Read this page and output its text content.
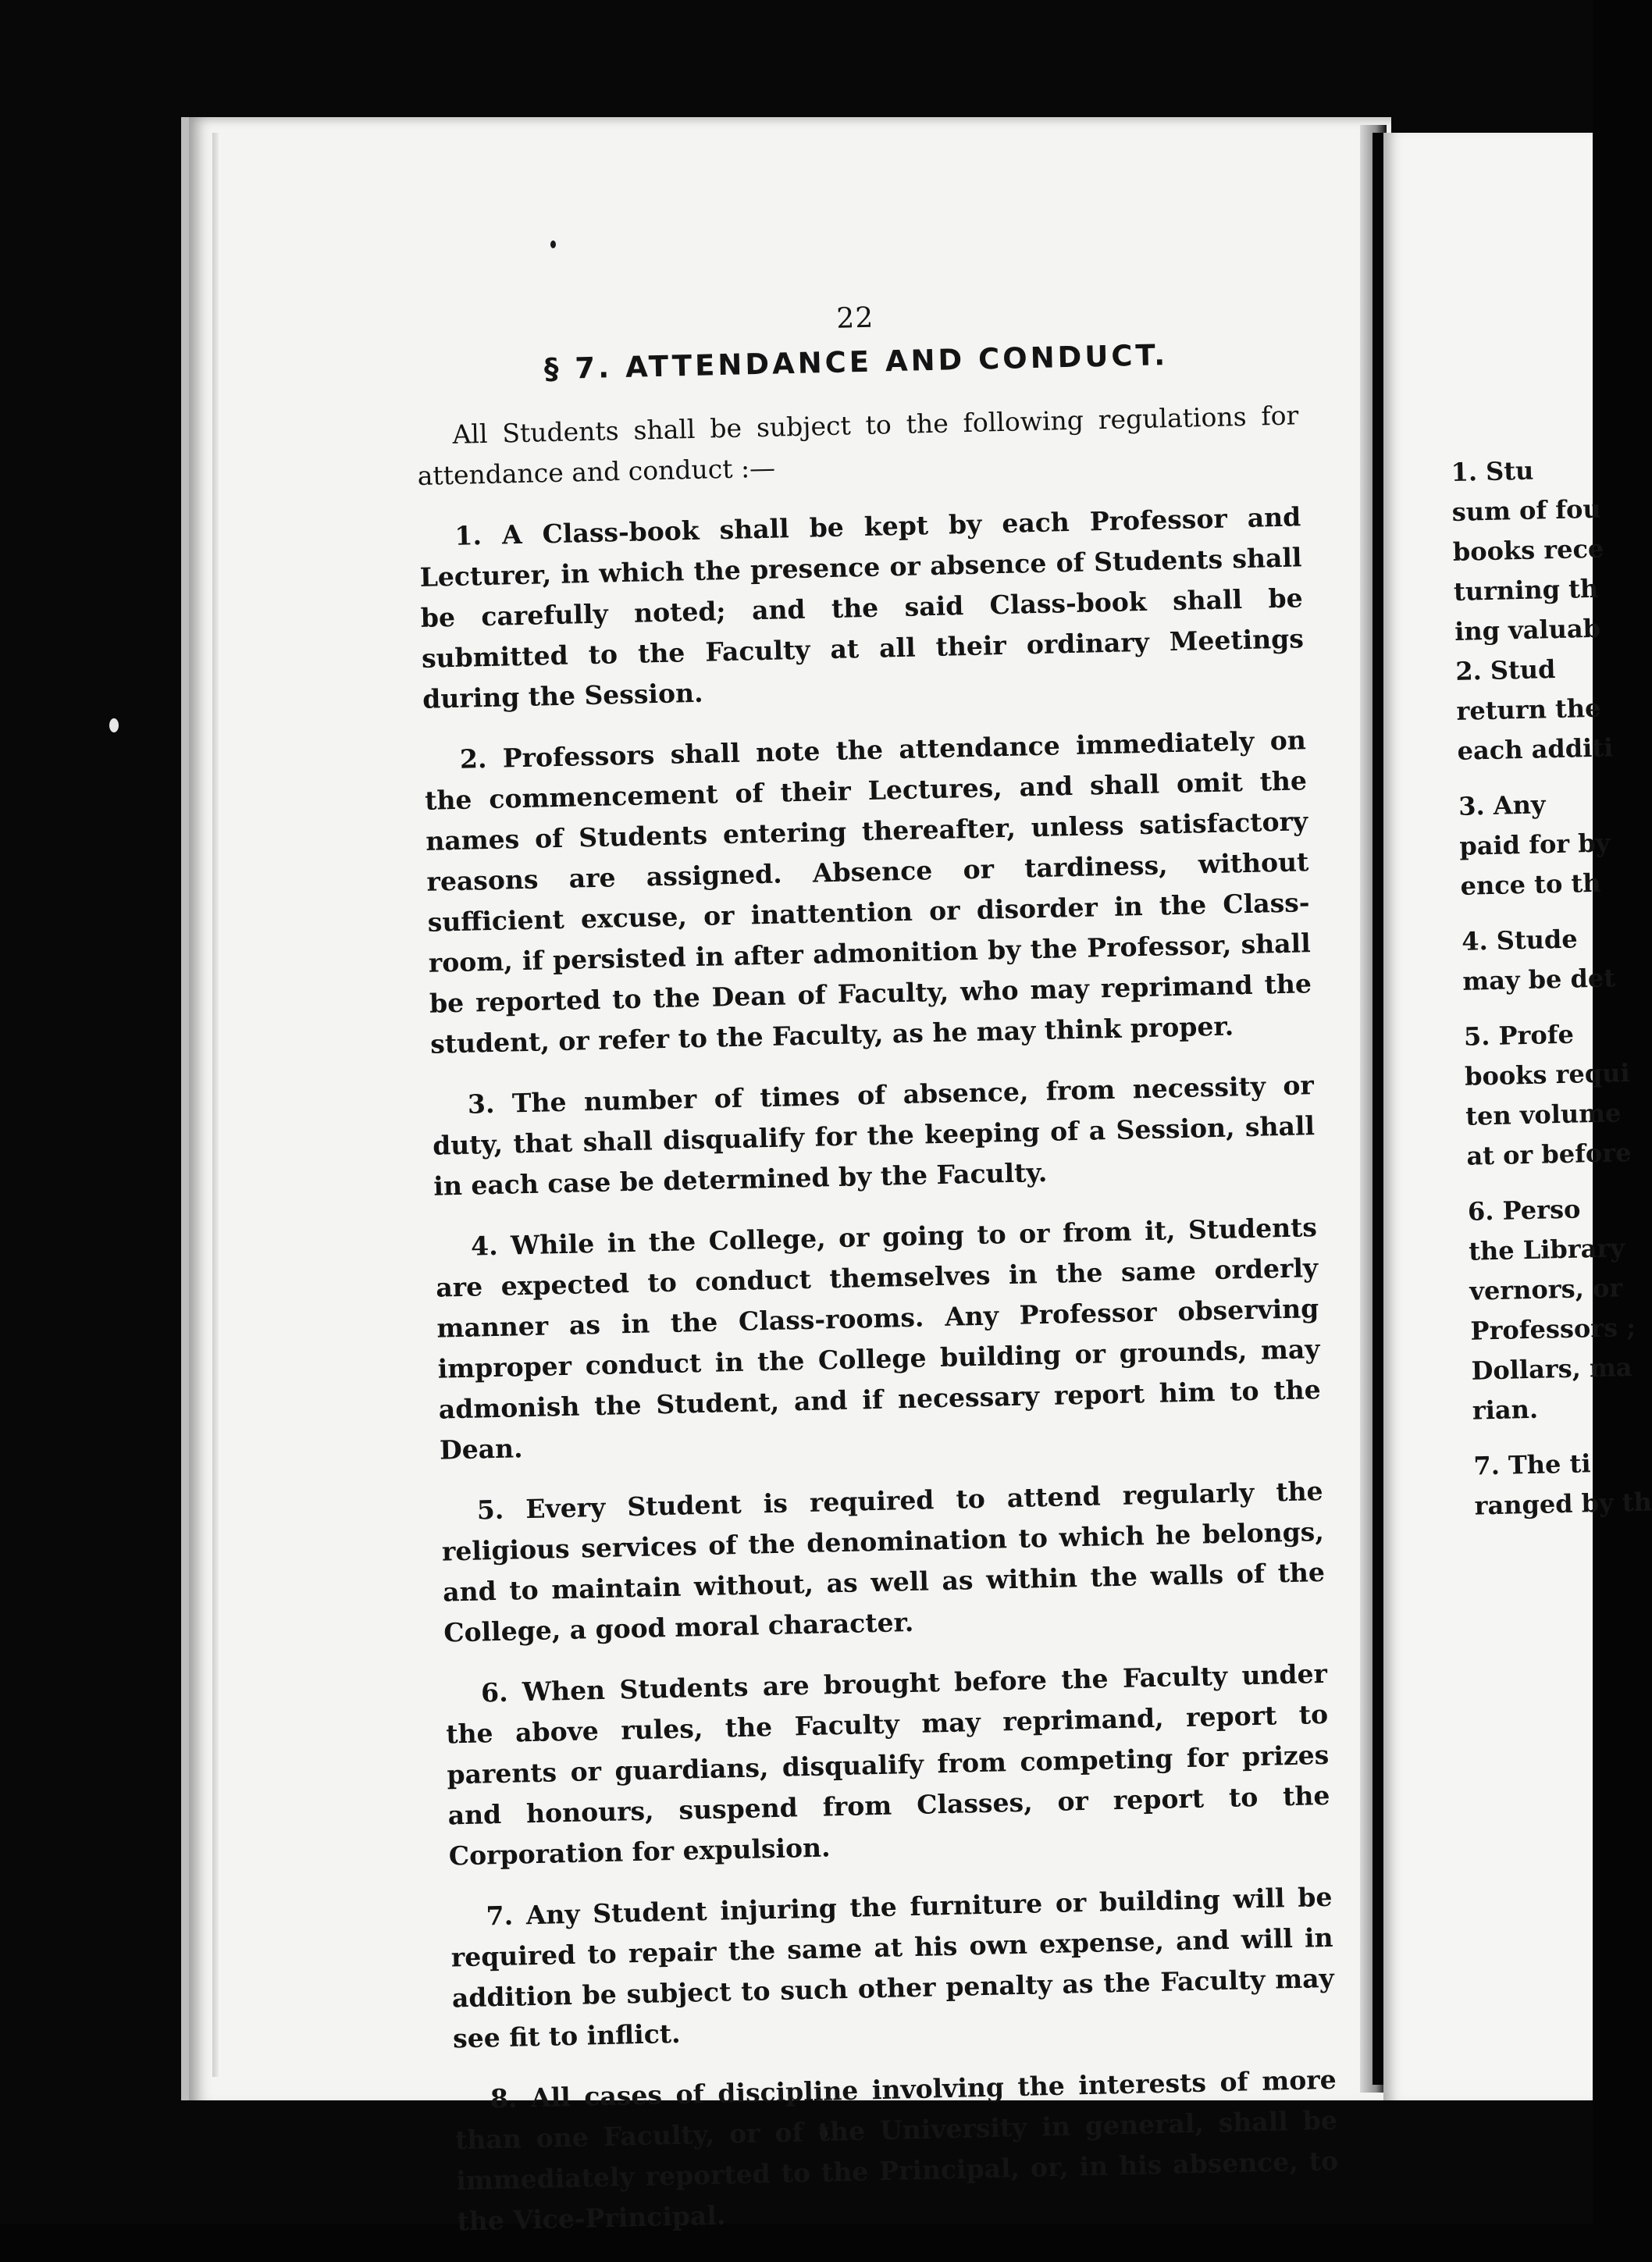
22
§ 7. ATTENDANCE AND CONDUCT.

All Students shall be subject to the following regulations for attendance and conduct :—

1. A Class-book shall be kept by each Professor and Lecturer, in which the presence or absence of Students shall be carefully noted; and the said Class-book shall be submitted to the Faculty at all their ordinary Meetings during the Session.

2. Professors shall note the attendance immediately on the commencement of their Lectures, and shall omit the names of Students entering thereafter, unless satisfactory reasons are assigned. Absence or tardiness, without sufficient excuse, or inattention or disorder in the Class-room, if persisted in after admonition by the Professor, shall be reported to the Dean of Faculty, who may reprimand the student, or refer to the Faculty, as he may think proper.

3. The number of times of absence, from necessity or duty, that shall disqualify for the keeping of a Session, shall in each case be determined by the Faculty.

4. While in the College, or going to or from it, Students are expected to conduct themselves in the same orderly manner as in the Class-rooms. Any Professor observing improper conduct in the College building or grounds, may admonish the Student, and if necessary report him to the Dean.

5. Every Student is required to attend regularly the religious services of the denomination to which he belongs, and to maintain without, as well as within the walls of the College, a good moral character.

6. When Students are brought before the Faculty under the above rules, the Faculty may reprimand, report to parents or guardians, disqualify from competing for prizes and honours, suspend from Classes, or report to the Corporation for expulsion.

7. Any Student injuring the furniture or building will be required to repair the same at his own expense, and will in addition be subject to such other penalty as the Faculty may see fit to inflict.

8. All cases of discipline involving the interests of more than one Faculty, or of the University in general, shall be immediately reported to the Principal, or, in his absence, to the Vice-Principal.

1. Stu
sum of fou
books rece
turning th
ing valuab
2. Stud
return the
each additi
3. Any
paid for by
ence to th
4. Stude
may be det
5. Profe
books requi
ten volume
at or before
6. Perso
the Library
vernors, or
Professors ;
Dollars, ma
rian.
7. The ti
ranged by th
